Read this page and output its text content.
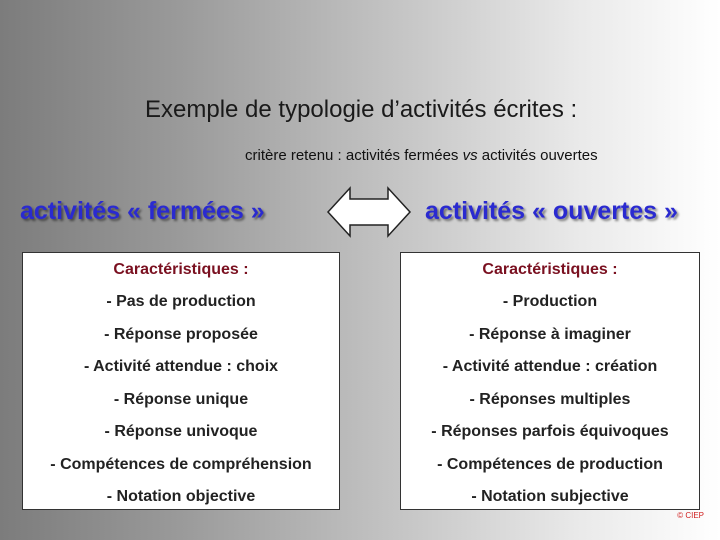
Exemple de typologie d’activités écrites :
critère retenu : activités fermées vs activités ouvertes
activités « fermées »	activités « ouvertes »
Caractéristiques :
- Pas de production
- Réponse proposée
- Activité attendue : choix
- Réponse unique
- Réponse univoque
- Compétences de compréhension
- Notation objective
Caractéristiques :
- Production
- Réponse à imaginer
- Activité attendue : création
- Réponses multiples
- Réponses parfois équivoques
- Compétences de production
- Notation subjective
© CIEP
